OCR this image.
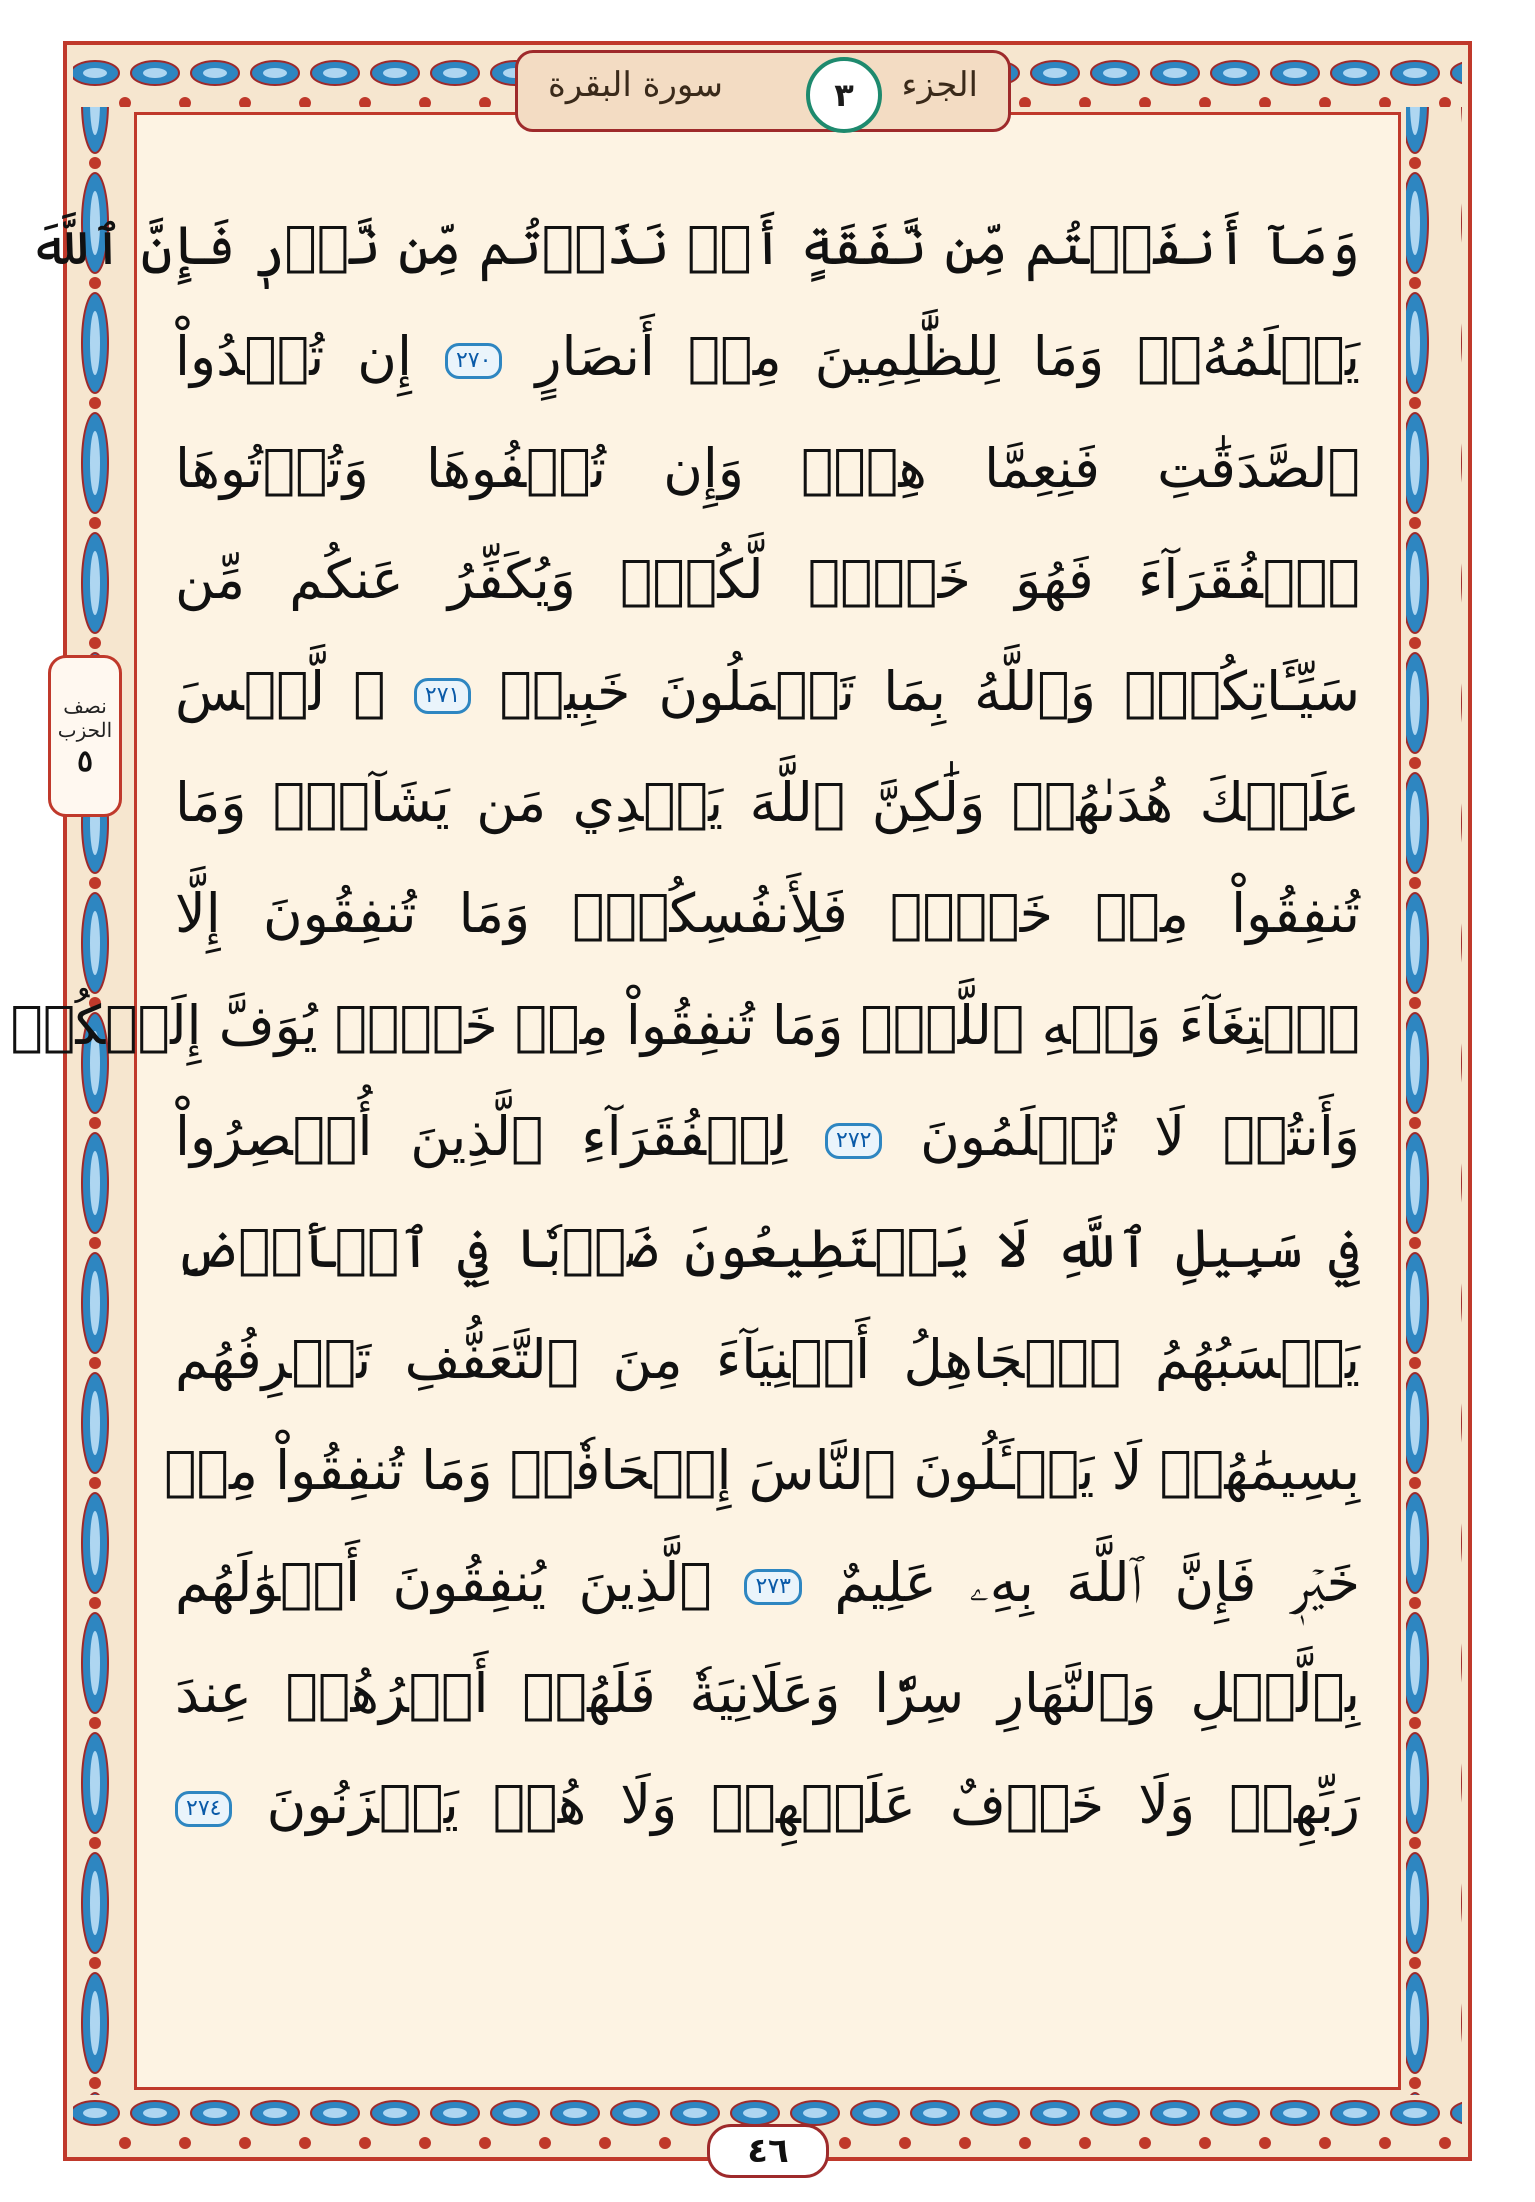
سورة البقرة	الجزء
٣
نصف
الحزب
٥
وَمَآ أَنفَقۡتُم مِّن نَّفَقَةٍ أَوۡ نَذَرۡتُم مِّن نَّذۡرٖ فَإِنَّ ٱللَّهَ
يَعۡلَمُهُۥۗ وَمَا لِلظَّٰلِمِينَ مِنۡ أَنصَارٍ ٢٧٠ إِن تُبۡدُواْ
ٱلصَّدَقَٰتِ فَنِعِمَّا هِيَۖ وَإِن تُخۡفُوهَا وَتُؤۡتُوهَا
ٱلۡفُقَرَآءَ فَهُوَ خَيۡرٞ لَّكُمۡۚ وَيُكَفِّرُ عَنكُم مِّن
سَيِّـَٔاتِكُمۡۗ وَٱللَّهُ بِمَا تَعۡمَلُونَ خَبِيرٞ ٢٧١ ۞ لَّيۡسَ
عَلَيۡكَ هُدَىٰهُمۡ وَلَٰكِنَّ ٱللَّهَ يَهۡدِي مَن يَشَآءُۗ وَمَا
تُنفِقُواْ مِنۡ خَيۡرٖ فَلِأَنفُسِكُمۡۚ وَمَا تُنفِقُونَ إِلَّا
ٱبۡتِغَآءَ وَجۡهِ ٱللَّهِۚ وَمَا تُنفِقُواْ مِنۡ خَيۡرٖ يُوَفَّ إِلَيۡكُمۡ
وَأَنتُمۡ لَا تُظۡلَمُونَ ٢٧٢ لِلۡفُقَرَآءِ ٱلَّذِينَ أُحۡصِرُواْ
فِي سَبِيلِ ٱللَّهِ لَا يَسۡتَطِيعُونَ ضَرۡبٗا فِي ٱلۡأَرۡضِ
يَحۡسَبُهُمُ ٱلۡجَاهِلُ أَغۡنِيَآءَ مِنَ ٱلتَّعَفُّفِ تَعۡرِفُهُم
بِسِيمَٰهُمۡ لَا يَسۡـَٔلُونَ ٱلنَّاسَ إِلۡحَافٗاۗ وَمَا تُنفِقُواْ مِنۡ
خَيۡرٖ فَإِنَّ ٱللَّهَ بِهِۦ عَلِيمٌ ٢٧٣ ٱلَّذِينَ يُنفِقُونَ أَمۡوَٰلَهُم
بِٱلَّيۡلِ وَٱلنَّهَارِ سِرّٗا وَعَلَانِيَةٗ فَلَهُمۡ أَجۡرُهُمۡ عِندَ
رَبِّهِمۡ وَلَا خَوۡفٌ عَلَيۡهِمۡ وَلَا هُمۡ يَحۡزَنُونَ ٢٧٤
٤٦
